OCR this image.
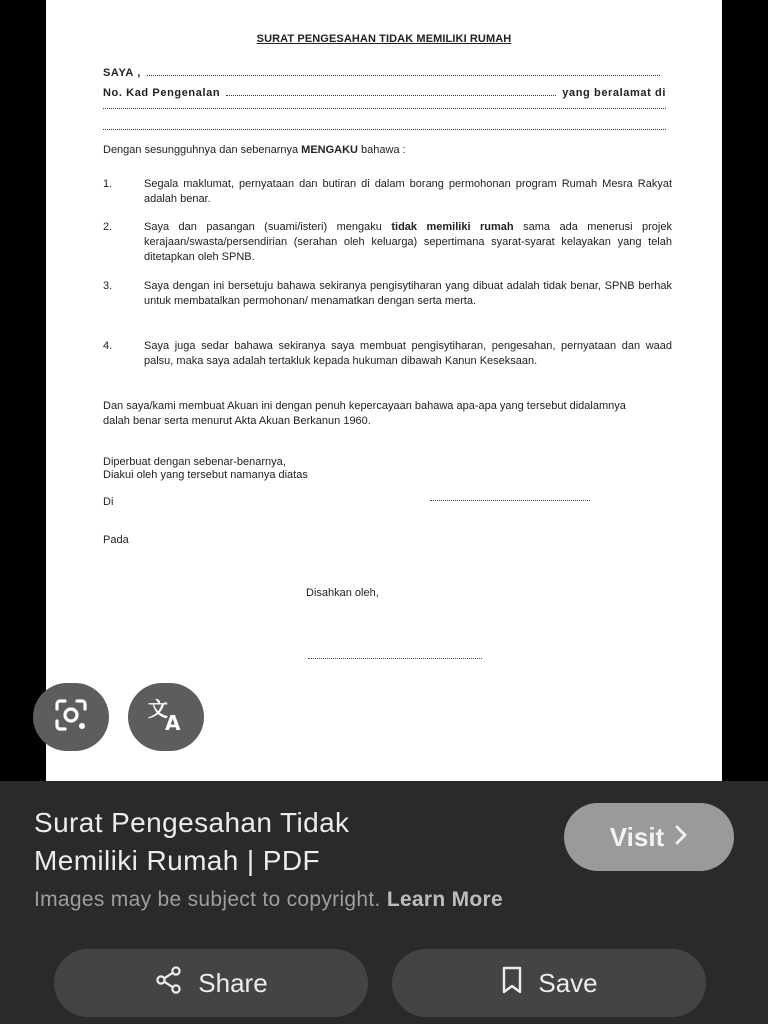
SURAT PENGESAHAN TIDAK MEMILIKI RUMAH
SAYA ,
No. Kad Pengenalan	yang beralamat di
Dengan sesungguhnya dan sebenarnya MENGAKU bahawa :
1.	Segala maklumat, pernyataan dan butiran di dalam borang permohonan program Rumah Mesra Rakyat adalah benar.
2.	Saya dan pasangan (suami/isteri) mengaku tidak memiliki rumah sama ada menerusi projek kerajaan/swasta/persendirian (serahan oleh keluarga) sepertimana syarat-syarat kelayakan yang telah ditetapkan oleh SPNB.
3.	Saya dengan ini bersetuju bahawa sekiranya pengisytiharan yang dibuat adalah tidak benar, SPNB berhak untuk membatalkan permohonan/ menamatkan dengan serta merta.
4.	Saya juga sedar bahawa sekiranya saya membuat pengisytiharan, pengesahan, pernyataan dan waad palsu, maka saya adalah tertakluk kepada hukuman dibawah Kanun Keseksaan.
Dan saya/kami membuat Akuan ini dengan penuh kepercayaan bahawa apa-apa yang tersebut didalamnya dalah benar serta menurut Akta Akuan Berkanun 1960.
Diperbuat dengan sebenar-benarnya,
Diakui oleh yang tersebut namanya diatas
Di
Pada
Disahkan oleh,
文
A
Surat Pengesahan Tidak Memiliki Rumah | PDF
Visit
Images may be subject to copyright. Learn More
Share	Save
